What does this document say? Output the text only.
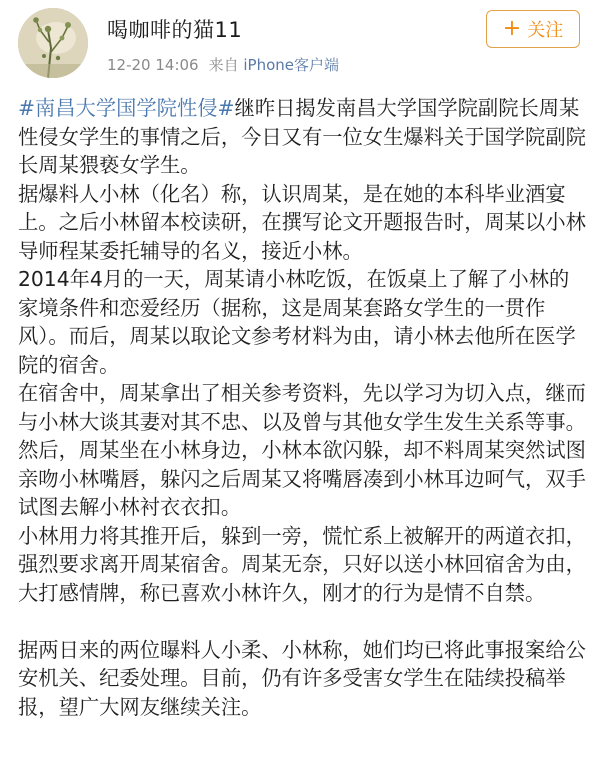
喝咖啡的猫11
12-20 14:06 来自 iPhone客户端
+ 关注

#南昌大学国学院性侵#继昨日揭发南昌大学国学院副院长周某性侵女学生的事情之后，今日又有一位女生爆料关于国学院副院长周某猥亵女学生。

据爆料人小林（化名）称，认识周某，是在她的本科毕业酒宴上。之后小林留本校读研，在撰写论文开题报告时，周某以小林导师程某委托辅导的名义，接近小林。

2014年4月的一天，周某请小林吃饭，在饭桌上了解了小林的家境条件和恋爱经历（据称，这是周某套路女学生的一贯作风）。而后，周某以取论文参考材料为由，请小林去他所在医学院的宿舍。

在宿舍中，周某拿出了相关参考资料，先以学习为切入点，继而与小林大谈其妻对其不忠、以及曾与其他女学生发生关系等事。

然后，周某坐在小林身边，小林本欲闪躲，却不料周某突然试图亲吻小林嘴唇，躲闪之后周某又将嘴唇凑到小林耳边呵气，双手试图去解小林衬衣衣扣。

小林用力将其推开后，躲到一旁，慌忙系上被解开的两道衣扣，强烈要求离开周某宿舍。周某无奈，只好以送小林回宿舍为由，大打感情牌，称已喜欢小林许久，刚才的行为是情不自禁。

据两日来的两位曝料人小柔、小林称，她们均已将此事报案给公安机关、纪委处理。目前，仍有许多受害女学生在陆续投稿举报，望广大网友继续关注。
